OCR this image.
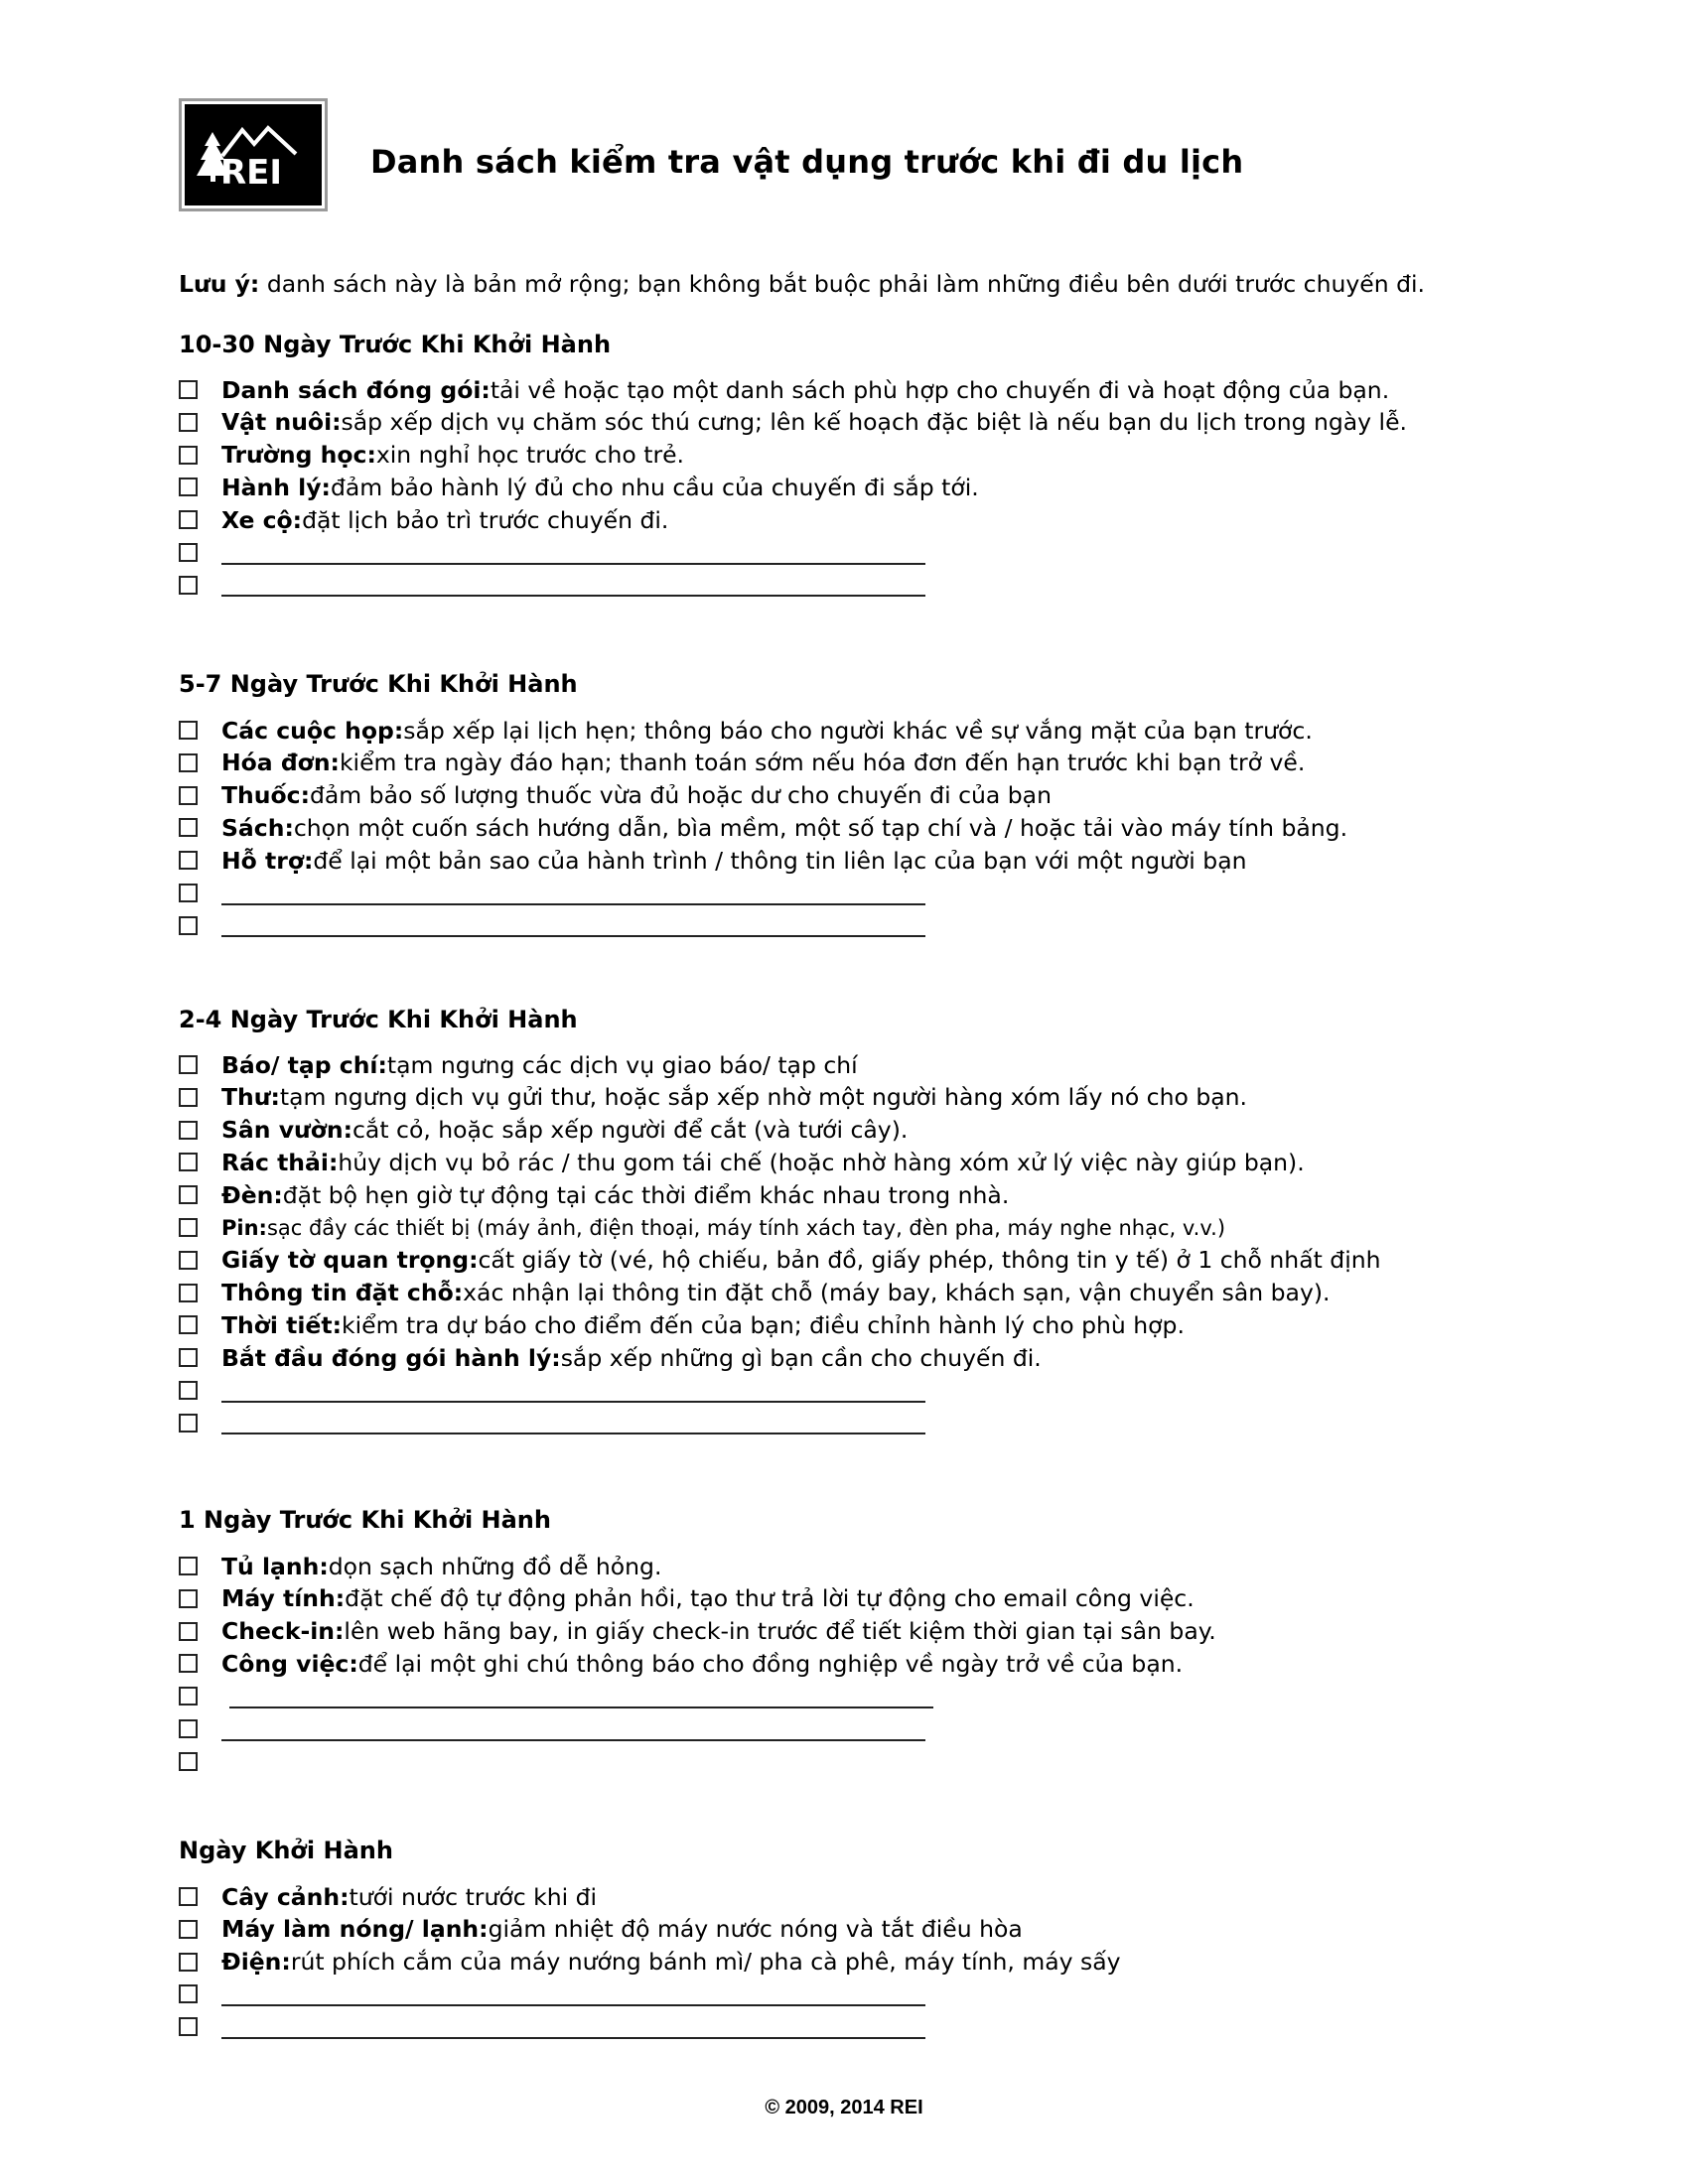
REI	Danh sách kiểm tra vật dụng trước khi đi du lịch
Lưu ý: danh sách này là bản mở rộng; bạn không bắt buộc phải làm những điều bên dưới trước chuyến đi.
10-30 Ngày Trước Khi Khởi Hành
Danh sách đóng gói: tải về hoặc tạo một danh sách phù hợp cho chuyến đi và hoạt động của bạn.
Vật nuôi: sắp xếp dịch vụ chăm sóc thú cưng; lên kế hoạch đặc biệt là nếu bạn du lịch trong ngày lễ.
Trường học: xin nghỉ học trước cho trẻ.
Hành lý: đảm bảo hành lý đủ cho nhu cầu của chuyến đi sắp tới.
Xe cộ: đặt lịch bảo trì trước chuyến đi.
5-7 Ngày Trước Khi Khởi Hành
Các cuộc họp: sắp xếp lại lịch hẹn; thông báo cho người khác về sự vắng mặt của bạn trước.
Hóa đơn: kiểm tra ngày đáo hạn; thanh toán sớm nếu hóa đơn đến hạn trước khi bạn trở về.
Thuốc: đảm bảo số lượng thuốc vừa đủ hoặc dư cho chuyến đi của bạn
Sách: chọn một cuốn sách hướng dẫn, bìa mềm, một số tạp chí và / hoặc tải vào máy tính bảng.
Hỗ trợ: để lại một bản sao của hành trình / thông tin liên lạc của bạn với một người bạn
2-4 Ngày Trước Khi Khởi Hành
Báo/ tạp chí: tạm ngưng các dịch vụ giao báo/ tạp chí
Thư: tạm ngưng dịch vụ gửi thư, hoặc sắp xếp nhờ một người hàng xóm lấy nó cho bạn.
Sân vườn: cắt cỏ, hoặc sắp xếp người để cắt (và tưới cây).
Rác thải: hủy dịch vụ bỏ rác / thu gom tái chế (hoặc nhờ hàng xóm xử lý việc này giúp bạn).
Đèn: đặt bộ hẹn giờ tự động tại các thời điểm khác nhau trong nhà.
Pin: sạc đầy các thiết bị (máy ảnh, điện thoại, máy tính xách tay, đèn pha, máy nghe nhạc, v.v.)
Giấy tờ quan trọng: cất giấy tờ (vé, hộ chiếu, bản đồ, giấy phép, thông tin y tế) ở 1 chỗ nhất định
Thông tin đặt chỗ: xác nhận lại thông tin đặt chỗ (máy bay, khách sạn, vận chuyển sân bay).
Thời tiết: kiểm tra dự báo cho điểm đến của bạn; điều chỉnh hành lý cho phù hợp.
Bắt đầu đóng gói hành lý: sắp xếp những gì bạn cần cho chuyến đi.
1 Ngày Trước Khi Khởi Hành
Tủ lạnh: dọn sạch những đồ dễ hỏng.
Máy tính: đặt chế độ tự động phản hồi, tạo thư trả lời tự động cho email công việc.
Check-in: lên web hãng bay, in giấy check-in trước để tiết kiệm thời gian tại sân bay.
Công việc: để lại một ghi chú thông báo cho đồng nghiệp về ngày trở về của bạn.
Ngày Khởi Hành
Cây cảnh: tưới nước trước khi đi
Máy làm nóng/ lạnh: giảm nhiệt độ máy nước nóng và tắt điều hòa
Điện: rút phích cắm của máy nướng bánh mì/ pha cà phê, máy tính, máy sấy
© 2009, 2014 REI
